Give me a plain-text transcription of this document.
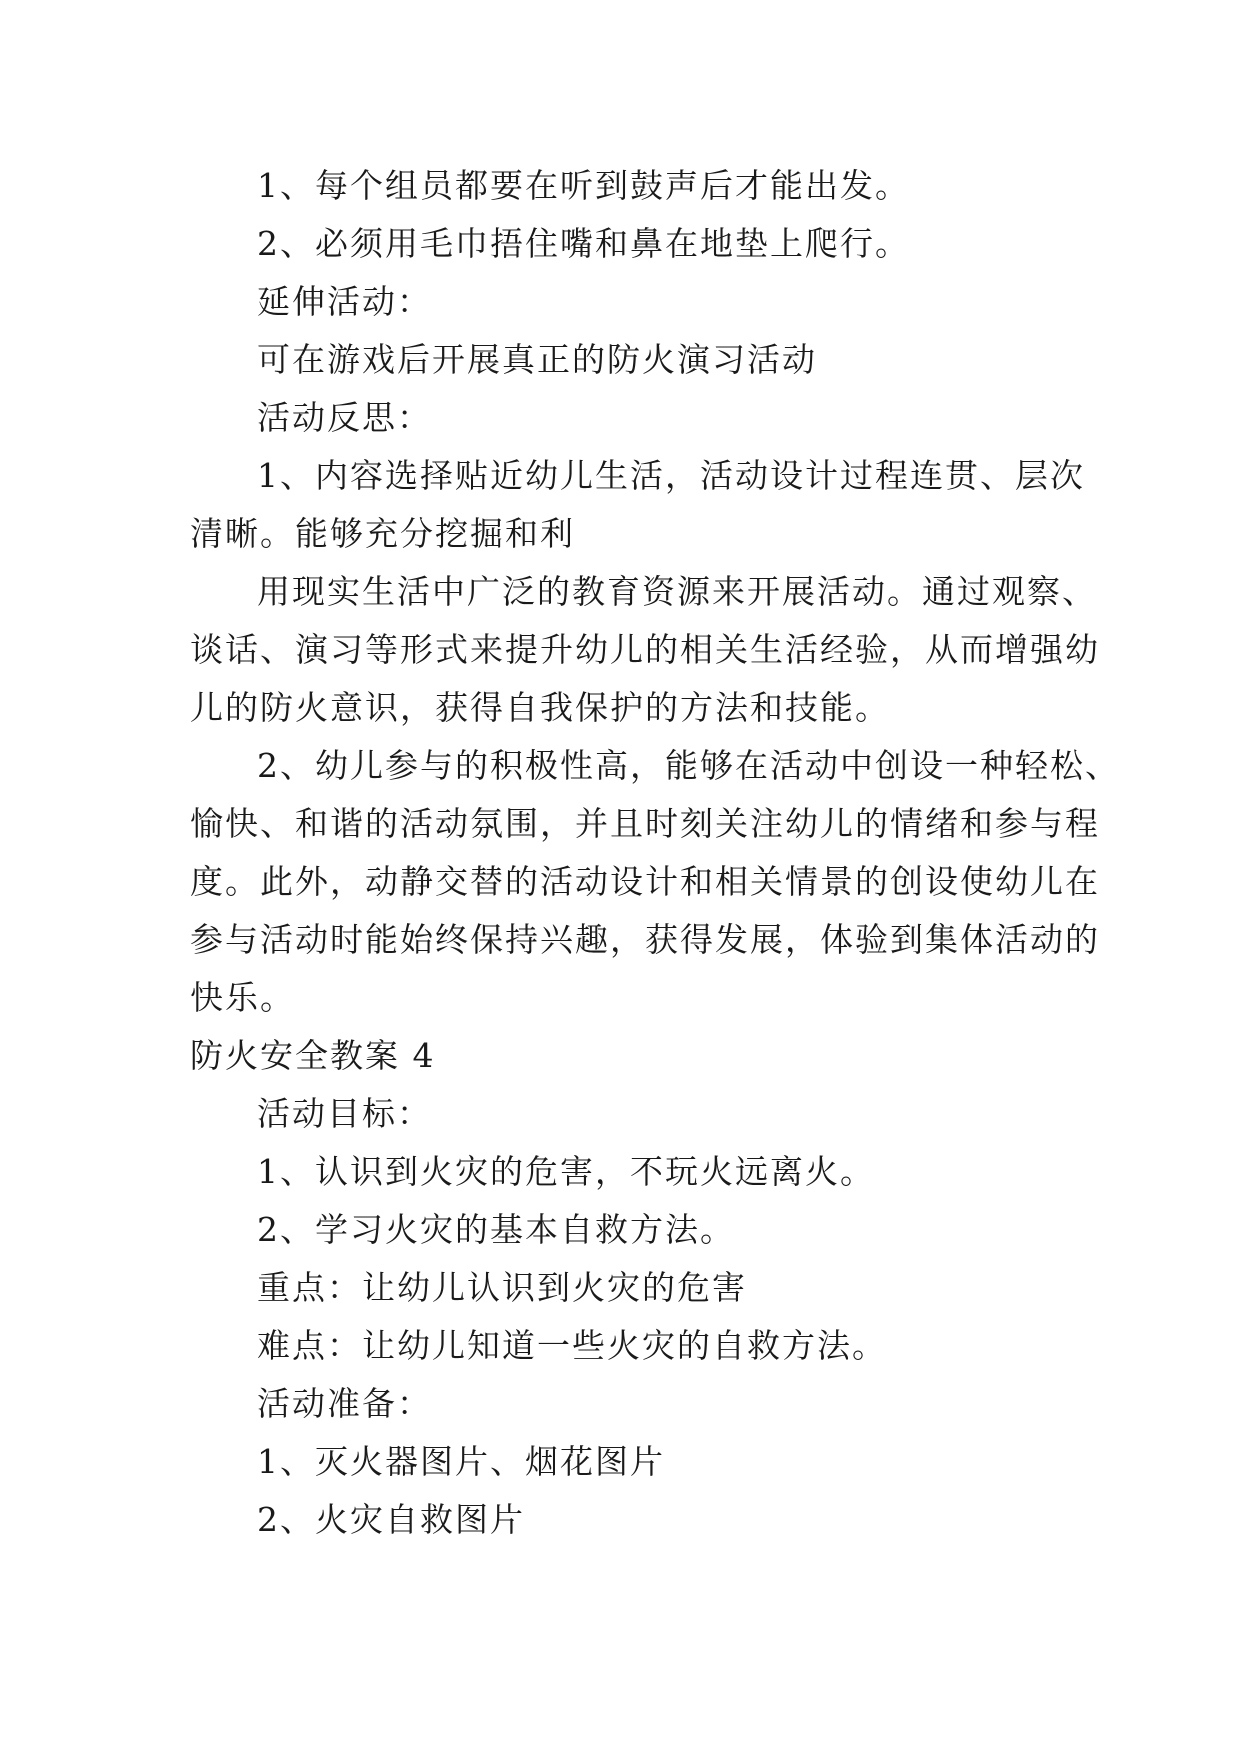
1、每个组员都要在听到鼓声后才能出发。

2、必须用毛巾捂住嘴和鼻在地垫上爬行。

延伸活动：

可在游戏后开展真正的防火演习活动

活动反思：

1、内容选择贴近幼儿生活，活动设计过程连贯、层次

清晰。能够充分挖掘和利

用现实生活中广泛的教育资源来开展活动。通过观察、

谈话、演习等形式来提升幼儿的相关生活经验，从而增强幼

儿的防火意识，获得自我保护的方法和技能。

2、幼儿参与的积极性高，能够在活动中创设一种轻松、

愉快、和谐的活动氛围，并且时刻关注幼儿的情绪和参与程

度。此外，动静交替的活动设计和相关情景的创设使幼儿在

参与活动时能始终保持兴趣，获得发展，体验到集体活动的

快乐。

防火安全教案 4

活动目标：

1、认识到火灾的危害，不玩火远离火。

2、学习火灾的基本自救方法。

重点：让幼儿认识到火灾的危害

难点：让幼儿知道一些火灾的自救方法。

活动准备：

1、灭火器图片、烟花图片

2、火灾自救图片
